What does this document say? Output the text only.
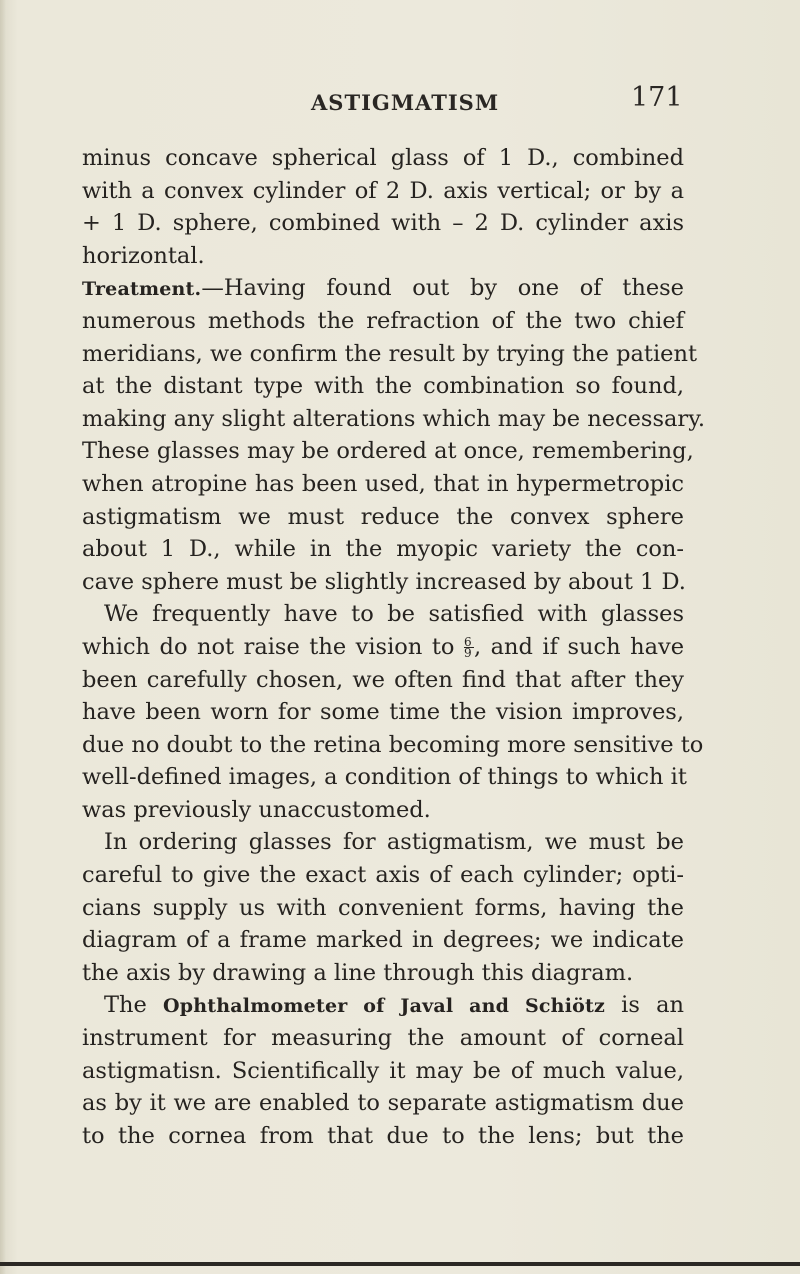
ASTIGMATISM	171
minus concave spherical glass of 1 D., combined
with a convex cylinder of 2 D. axis vertical; or by a
+ 1 D. sphere, combined with – 2 D. cylinder axis
horizontal.
Treatment.—Having found out by one of these
numerous methods the refraction of the two chief
meridians, we confirm the result by trying the patient
at the distant type with the combination so found,
making any slight alterations which may be necessary.
These glasses may be ordered at once, remembering,
when atropine has been used, that in hypermetropic
astigmatism we must reduce the convex sphere
about 1 D., while in the myopic variety the con-
cave sphere must be slightly increased by about 1 D.
We frequently have to be satisfied with glasses
which do not raise the vision to $\frac{6}{9}$ , and if such have
been carefully chosen, we often find that after they
have been worn for some time the vision improves,
due no doubt to the retina becoming more sensitive to
well-defined images, a condition of things to which it
was previously unaccustomed.
In ordering glasses for astigmatism, we must be
careful to give the exact axis of each cylinder; opti-
cians supply us with convenient forms, having the
diagram of a frame marked in degrees; we indicate
the axis by drawing a line through this diagram.
The Ophthalmometer of Javal and Schiötz is an
instrument for measuring the amount of corneal
astigmatisn. Scientifically it may be of much value,
as by it we are enabled to separate astigmatism due
to the cornea from that due to the lens; but the
